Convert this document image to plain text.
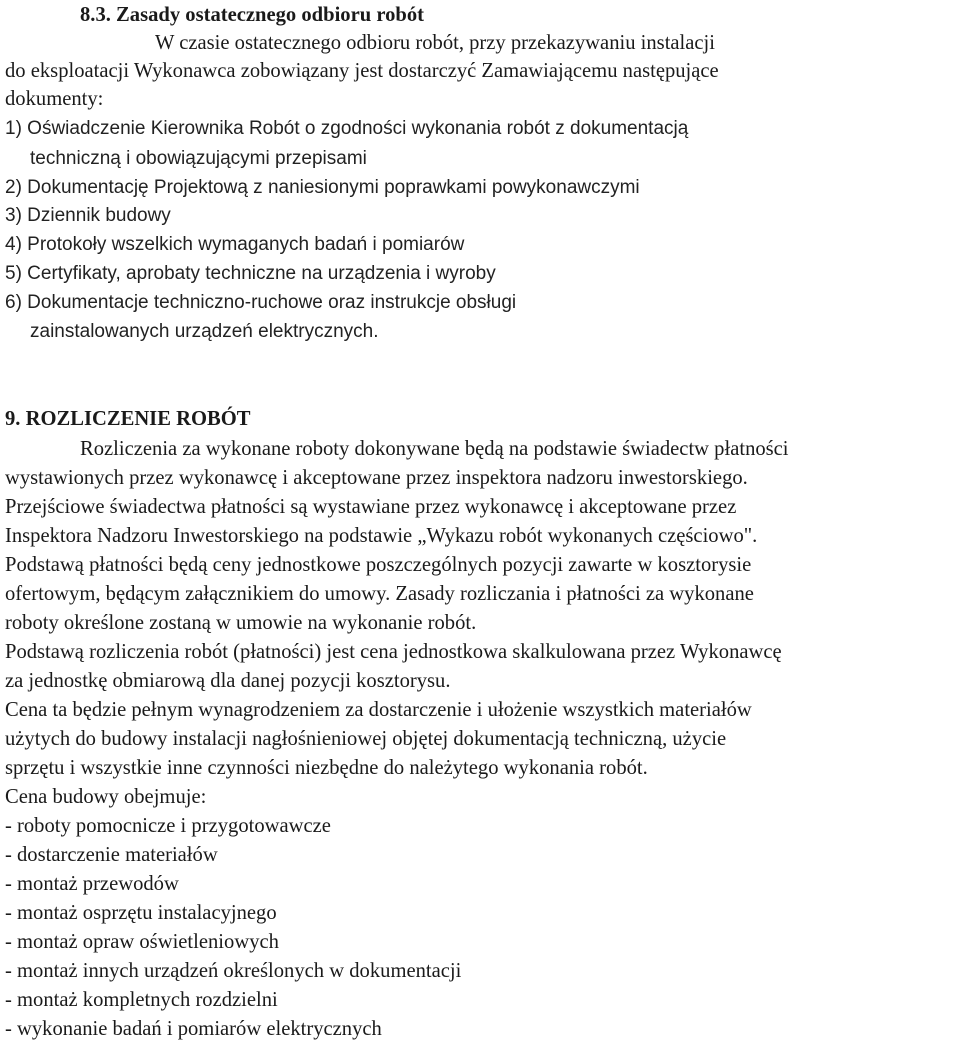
8.3. Zasady ostatecznego odbioru robót
W czasie ostatecznego odbioru robót, przy przekazywaniu instalacji
do eksploatacji Wykonawca zobowiązany jest dostarczyć Zamawiającemu następujące
dokumenty:
1) Oświadczenie Kierownika Robót o zgodności wykonania robót z dokumentacją
techniczną i obowiązującymi przepisami
2) Dokumentację Projektową z naniesionymi poprawkami powykonawczymi
3) Dziennik budowy
4) Protokoły wszelkich wymaganych badań i pomiarów
5) Certyfikaty, aprobaty techniczne na urządzenia i wyroby
6) Dokumentacje techniczno-ruchowe oraz instrukcje obsługi
zainstalowanych urządzeń elektrycznych.
9. ROZLICZENIE ROBÓT
Rozliczenia za wykonane roboty dokonywane będą na podstawie świadectw płatności
wystawionych przez wykonawcę i akceptowane przez inspektora nadzoru inwestorskiego.
Przejściowe świadectwa płatności są wystawiane przez wykonawcę i akceptowane przez
Inspektora Nadzoru Inwestorskiego na podstawie „Wykazu robót wykonanych częściowo".
Podstawą płatności będą ceny jednostkowe poszczególnych pozycji zawarte w kosztorysie
ofertowym, będącym załącznikiem do umowy. Zasady rozliczania i płatności za wykonane
roboty określone zostaną w umowie na wykonanie robót.
Podstawą rozliczenia robót (płatności) jest cena jednostkowa skalkulowana przez Wykonawcę
za jednostkę obmiarową dla danej pozycji kosztorysu.
Cena ta będzie pełnym wynagrodzeniem za dostarczenie i ułożenie wszystkich materiałów
użytych do budowy instalacji nagłośnieniowej objętej dokumentacją techniczną, użycie
sprzętu i wszystkie inne czynności niezbędne do należytego wykonania robót.
Cena budowy obejmuje:
- roboty pomocnicze i przygotowawcze
- dostarczenie materiałów
- montaż przewodów
- montaż osprzętu instalacyjnego
- montaż opraw oświetleniowych
- montaż innych urządzeń określonych w dokumentacji
- montaż kompletnych rozdzielni
- wykonanie badań i pomiarów elektrycznych
